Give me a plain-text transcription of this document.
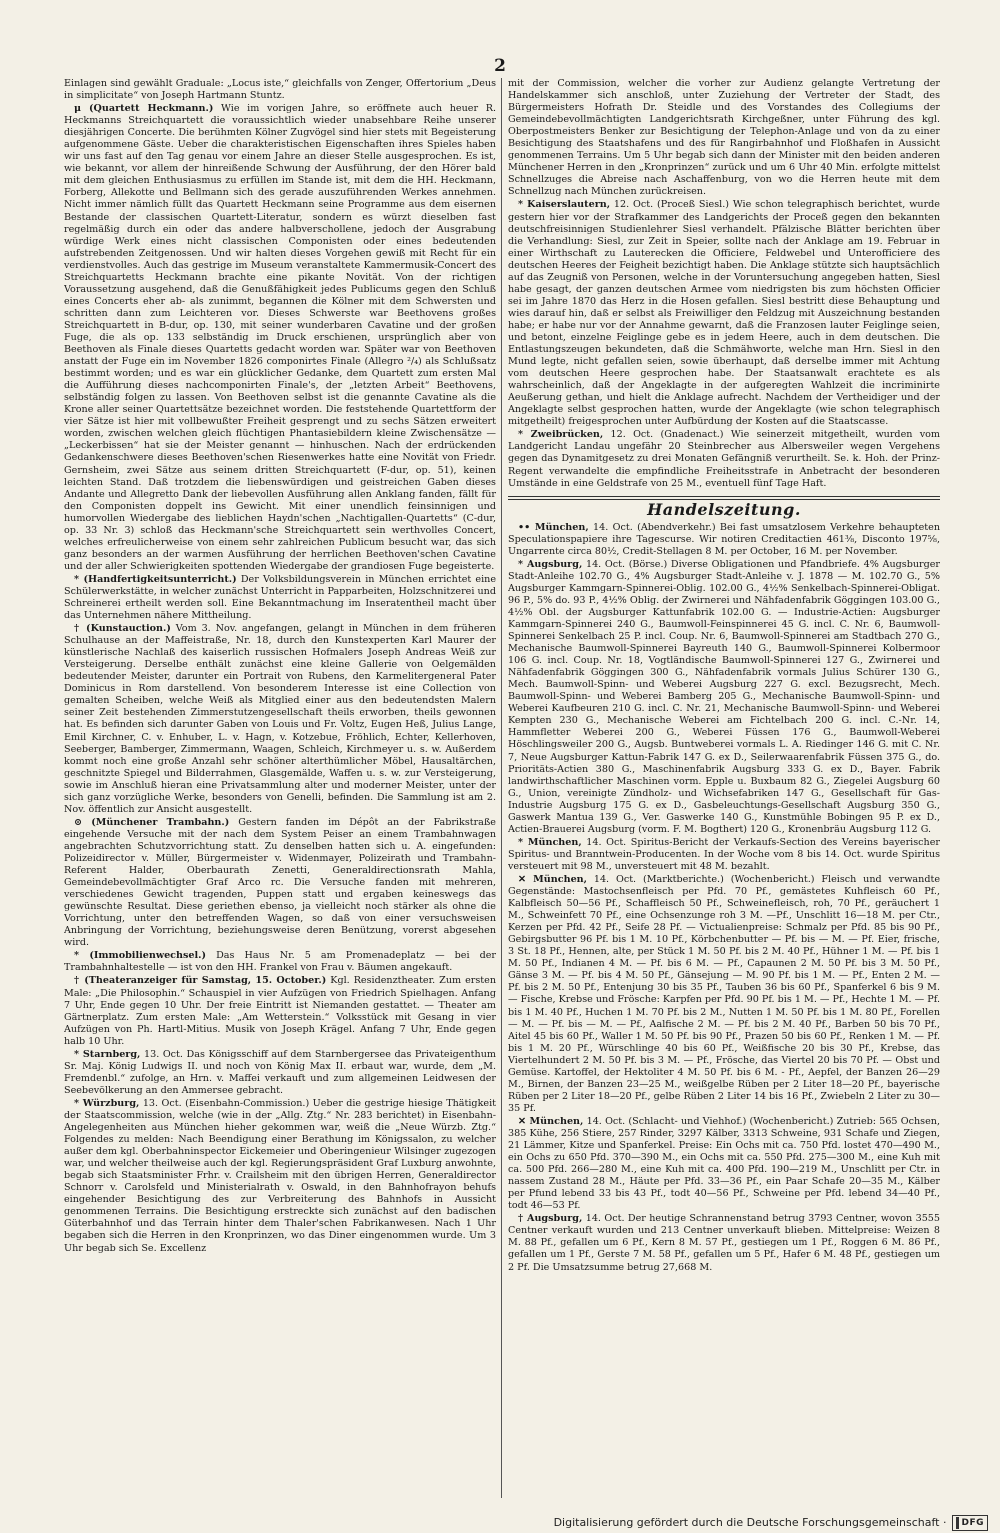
2

Einlagen sind gewählt Graduale: „Locus iste,“ gleichfalls von Zenger, Offertorium „Deus in simplicitate“ von Joseph Hartmann Stuntz.

μ (Quartett Heckmann.) Wie im vorigen Jahre, so eröffnete auch heuer R. Heckmanns Streichquartett die voraussichtlich wieder unabsehbare Reihe unserer diesjährigen Concerte. Die berühmten Kölner Zugvögel sind hier stets mit Begeisterung aufgenommene Gäste. Ueber die charakteristischen Eigenschaften ihres Spieles haben wir uns fast auf den Tag genau vor einem Jahre an dieser Stelle ausgesprochen. Es ist, wie bekannt, vor allem der hinreißende Schwung der Ausführung, der den Hörer bald mit dem gleichen Enthusiasmus zu erfüllen im Stande ist, mit dem die HH. Heckmann, Forberg, Allekotte und Bellmann sich des gerade auszuführenden Werkes annehmen. Nicht immer nämlich füllt das Quartett Heckmann seine Programme aus dem eisernen Bestande der classischen Quartett-Literatur, sondern es würzt dieselben fast regelmäßig durch ein oder das andere halbverschollene, jedoch der Ausgrabung würdige Werk eines nicht classischen Componisten oder eines bedeutenden aufstrebenden Zeitgenossen. Und wir halten dieses Vorgehen gewiß mit Recht für ein verdienstvolles. Auch das gestrige im Museum veranstaltete Kammermusik-Concert des Streichquartetts Heckmann brachte eine pikante Novität. Von der richtigen Voraussetzung ausgehend, daß die Genußfähigkeit jedes Publicums gegen den Schluß eines Concerts eher ab- als zunimmt, begannen die Kölner mit dem Schwersten und schritten dann zum Leichteren vor. Dieses Schwerste war Beethovens großes Streichquartett in B-dur, op. 130, mit seiner wunderbaren Cavatine und der großen Fuge, die als op. 133 selbständig im Druck erschienen, ursprünglich aber von Beethoven als Finale dieses Quartetts gedacht worden war. Später war von Beethoven anstatt der Fuge ein im November 1826 componirtes Finale (Allegro ²/₄) als Schlußsatz bestimmt worden; und es war ein glücklicher Gedanke, dem Quartett zum ersten Mal die Aufführung dieses nachcomponirten Finale's, der „letzten Arbeit“ Beethovens, selbständig folgen zu lassen. Von Beethoven selbst ist die genannte Cavatine als die Krone aller seiner Quartettsätze bezeichnet worden. Die feststehende Quartettform der vier Sätze ist hier mit vollbewußter Freiheit gesprengt und zu sechs Sätzen erweitert worden, zwischen welchen gleich flüchtigen Phantasiebildern kleine Zwischensätze — „Leckerbissen“ hat sie der Meister genannt — hinhuschen. Nach der erdrückenden Gedankenschwere dieses Beethoven'schen Riesenwerkes hatte eine Novität von Friedr. Gernsheim, zwei Sätze aus seinem dritten Streichquartett (F-dur, op. 51), keinen leichten Stand. Daß trotzdem die liebenswürdigen und geistreichen Gaben dieses Andante und Allegretto Dank der liebevollen Ausführung allen Anklang fanden, fällt für den Componisten doppelt ins Gewicht. Mit einer unendlich feinsinnigen und humorvollen Wiedergabe des lieblichen Haydn'schen „Nachtigallen-Quartetts“ (C-dur, op. 33 Nr. 3) schloß das Heckmann'sche Streichquartett sein werthvolles Concert, welches erfreulicherweise von einem sehr zahlreichen Publicum besucht war, das sich ganz besonders an der warmen Ausführung der herrlichen Beethoven'schen Cavatine und der aller Schwierigkeiten spottenden Wiedergabe der grandiosen Fuge begeisterte.

* (Handfertigkeitsunterricht.) Der Volksbildungsverein in München errichtet eine Schülerwerkstätte, in welcher zunächst Unterricht in Papparbeiten, Holzschnitzerei und Schreinerei ertheilt werden soll. Eine Bekanntmachung im Inseratentheil macht über das Unternehmen nähere Mittheilung.

† (Kunstauction.) Vom 3. Nov. angefangen, gelangt in München in dem früheren Schulhause an der Maffeistraße, Nr. 18, durch den Kunstexperten Karl Maurer der künstlerische Nachlaß des kaiserlich russischen Hofmalers Joseph Andreas Weiß zur Versteigerung. Derselbe enthält zunächst eine kleine Gallerie von Oelgemälden bedeutender Meister, darunter ein Portrait von Rubens, den Karmelitergeneral Pater Dominicus in Rom darstellend. Von besonderem Interesse ist eine Collection von gemalten Scheiben, welche Weiß als Mitglied einer aus den bedeutendsten Malern seiner Zeit bestehenden Zimmerstutzengesellschaft theils erworben, theils gewonnen hat. Es befinden sich darunter Gaben von Louis und Fr. Voltz, Eugen Heß, Julius Lange, Emil Kirchner, C. v. Enhuber, L. v. Hagn, v. Kotzebue, Fröhlich, Echter, Kellerhoven, Seeberger, Bamberger, Zimmermann, Waagen, Schleich, Kirchmeyer u. s. w. Außerdem kommt noch eine große Anzahl sehr schöner alterthümlicher Möbel, Hausaltärchen, geschnitzte Spiegel und Bilderrahmen, Glasgemälde, Waffen u. s. w. zur Versteigerung, sowie im Anschluß hieran eine Privatsammlung alter und moderner Meister, unter der sich ganz vorzügliche Werke, besonders von Genelli, befinden. Die Sammlung ist am 2. Nov. öffentlich zur Ansicht ausgestellt.

⊙ (Münchener Trambahn.) Gestern fanden im Dépôt an der Fabrikstraße eingehende Versuche mit der nach dem System Peiser an einem Trambahnwagen angebrachten Schutzvorrichtung statt. Zu denselben hatten sich u. A. eingefunden: Polizeidirector v. Müller, Bürgermeister v. Widenmayer, Polizeirath und Trambahn-Referent Halder, Oberbaurath Zenetti, Generaldirectionsrath Mahla, Gemeindebevollmächtigter Graf Arco rc. Die Versuche fanden mit mehreren, verschiedenes Gewicht tragenden, Puppen statt und ergaben keineswegs das gewünschte Resultat. Diese geriethen ebenso, ja vielleicht noch stärker als ohne die Vorrichtung, unter den betreffenden Wagen, so daß von einer versuchsweisen Anbringung der Vorrichtung, beziehungsweise deren Benützung, vorerst abgesehen wird.

* (Immobilienwechsel.) Das Haus Nr. 5 am Promenadeplatz — bei der Trambahnhaltestelle — ist von den HH. Frankel von Frau v. Bäumen angekauft.

† (Theateranzeiger für Samstag, 15. October.) Kgl. Residenztheater. Zum ersten Male: „Die Philosophin.“ Schauspiel in vier Aufzügen von Friedrich Spielhagen. Anfang 7 Uhr, Ende gegen 10 Uhr. Der freie Eintritt ist Niemanden gestattet. — Theater am Gärtnerplatz. Zum ersten Male: „Am Wetterstein.“ Volksstück mit Gesang in vier Aufzügen von Ph. Hartl-Mitius. Musik von Joseph Krägel. Anfang 7 Uhr, Ende gegen halb 10 Uhr.

* Starnberg, 13. Oct. Das Königsschiff auf dem Starnbergersee das Privateigenthum Sr. Maj. König Ludwigs II. und noch von König Max II. erbaut war, wurde, dem „M. Fremdenbl.“ zufolge, an Hrn. v. Maffei verkauft und zum allgemeinen Leidwesen der Seebevölkerung an den Ammersee gebracht.

* Würzburg, 13. Oct. (Eisenbahn-Commission.) Ueber die gestrige hiesige Thätigkeit der Staatscommission, welche (wie in der „Allg. Ztg.“ Nr. 283 berichtet) in Eisenbahn-Angelegenheiten aus München hieher gekommen war, weiß die „Neue Würzb. Ztg.“ Folgendes zu melden: Nach Beendigung einer Berathung im Königssalon, zu welcher außer dem kgl. Oberbahninspector Eickemeier und Oberingenieur Wilsinger zugezogen war, und welcher theilweise auch der kgl. Regierungspräsident Graf Luxburg anwohnte, begab sich Staatsminister Frhr. v. Crailsheim mit den übrigen Herren, Generaldirector Schnorr v. Carolsfeld und Ministerialrath v. Oswald, in den Bahnhofrayon behufs eingehender Besichtigung des zur Verbreiterung des Bahnhofs in Aussicht genommenen Terrains. Die Besichtigung erstreckte sich zunächst auf den badischen Güterbahnhof und das Terrain hinter dem Thaler'schen Fabrikanwesen. Nach 1 Uhr begaben sich die Herren in den Kronprinzen, wo das Diner eingenommen wurde. Um 3 Uhr begab sich Se. Excellenz

mit der Commission, welcher die vorher zur Audienz gelangte Vertretung der Handelskammer sich anschloß, unter Zuziehung der Vertreter der Stadt, des Bürgermeisters Hofrath Dr. Steidle und des Vorstandes des Collegiums der Gemeindebevollmächtigten Landgerichtsrath Kirchgeßner, unter Führung des kgl. Oberpostmeisters Benker zur Besichtigung der Telephon-Anlage und von da zu einer Besichtigung des Staatshafens und des für Rangirbahnhof und Floßhafen in Aussicht genommenen Terrains. Um 5 Uhr begab sich dann der Minister mit den beiden anderen Münchener Herren in den „Kronprinzen“ zurück und um 6 Uhr 40 Min. erfolgte mittelst Schnellzuges die Abreise nach Aschaffenburg, von wo die Herren heute mit dem Schnellzug nach München zurückreisen.

* Kaiserslautern, 12. Oct. (Proceß Siesl.) Wie schon telegraphisch berichtet, wurde gestern hier vor der Strafkammer des Landgerichts der Proceß gegen den bekannten deutschfreisinnigen Studienlehrer Siesl verhandelt. Pfälzische Blätter berichten über die Verhandlung: Siesl, zur Zeit in Speier, sollte nach der Anklage am 19. Februar in einer Wirthschaft zu Lauterecken die Officiere, Feldwebel und Unterofficiere des deutschen Heeres der Feigheit bezichtigt haben. Die Anklage stützte sich hauptsächlich auf das Zeugniß von Personen, welche in der Voruntersuchung angegeben hatten, Siesl habe gesagt, der ganzen deutschen Armee vom niedrigsten bis zum höchsten Officier sei im Jahre 1870 das Herz in die Hosen gefallen. Siesl bestritt diese Behauptung und wies darauf hin, daß er selbst als Freiwilliger den Feldzug mit Auszeichnung bestanden habe; er habe nur vor der Annahme gewarnt, daß die Franzosen lauter Feiglinge seien, und betont, einzelne Feiglinge gebe es in jedem Heere, auch in dem deutschen. Die Entlastungszeugen bekundeten, daß die Schmähworte, welche man Hrn. Siesl in den Mund legte, nicht gefallen seien, sowie überhaupt, daß derselbe immer mit Achtung vom deutschen Heere gesprochen habe. Der Staatsanwalt erachtete es als wahrscheinlich, daß der Angeklagte in der aufgeregten Wahlzeit die incriminirte Aeußerung gethan, und hielt die Anklage aufrecht. Nachdem der Vertheidiger und der Angeklagte selbst gesprochen hatten, wurde der Angeklagte (wie schon telegraphisch mitgetheilt) freigesprochen unter Aufbürdung der Kosten auf die Staatscasse.

* Zweibrücken, 12. Oct. (Gnadenact.) Wie seinerzeit mitgetheilt, wurden vom Landgericht Landau ungefähr 20 Steinbrecher aus Albersweiler wegen Vergehens gegen das Dynamitgesetz zu drei Monaten Gefängniß verurtheilt. Se. k. Hoh. der Prinz-Regent verwandelte die empfindliche Freiheitsstrafe in Anbetracht der besonderen Umstände in eine Geldstrafe von 25 M., eventuell fünf Tage Haft.

Handelszeitung.

•• München, 14. Oct. (Abendverkehr.) Bei fast umsatzlosem Verkehre behaupteten Speculationspapiere ihre Tagescurse. Wir notiren Creditactien 461⅜, Disconto 197⅝, Ungarrente circa 80½, Credit-Stellagen 8 M. per October, 16 M. per November.

* Augsburg, 14. Oct. (Börse.) Diverse Obligationen und Pfandbriefe. 4% Augsburger Stadt-Anleihe 102.70 G., 4% Augsburger Stadt-Anleihe v. J. 1878 — M. 102.70 G., 5% Augsburger Kammgarn-Spinnerei-Oblig. 102.00 G., 4½% Senkelbach-Spinnerei-Obligat. 96 P., 5% do. 93 P., 4½% Oblig. der Zwirnerei und Nähfadenfabrik Göggingen 103.00 G., 4½% Obl. der Augsburger Kattunfabrik 102.00 G. — Industrie-Actien: Augsburger Kammgarn-Spinnerei 240 G., Baumwoll-Feinspinnerei 45 G. incl. C. Nr. 6, Baumwoll-Spinnerei Senkelbach 25 P. incl. Coup. Nr. 6, Baumwoll-Spinnerei am Stadtbach 270 G., Mechanische Baumwoll-Spinnerei Bayreuth 140 G., Baumwoll-Spinnerei Kolbermoor 106 G. incl. Coup. Nr. 18, Vogtländische Baumwoll-Spinnerei 127 G., Zwirnerei und Nähfadenfabrik Göggingen 300 G., Nähfadenfabrik vormals Julius Schürer 130 G., Mech. Baumwoll-Spinn- und Weberei Augsburg 227 G. excl. Bezugsrecht, Mech. Baumwoll-Spinn- und Weberei Bamberg 205 G., Mechanische Baumwoll-Spinn- und Weberei Kaufbeuren 210 G. incl. C. Nr. 21, Mechanische Baumwoll-Spinn- und Weberei Kempten 230 G., Mechanische Weberei am Fichtelbach 200 G. incl. C.-Nr. 14, Hammfletter Weberei 200 G., Weberei Füssen 176 G., Baumwoll-Weberei Höschlingsweiler 200 G., Augsb. Buntweberei vormals L. A. Riedinger 146 G. mit C. Nr. 7, Neue Augsburger Kattun-Fabrik 147 G. ex D., Seilerwaarenfabrik Füssen 375 G., do. Prioritäts-Actien 380 G., Maschinenfabrik Augsburg 333 G. ex D., Bayer. Fabrik landwirthschaftlicher Maschinen vorm. Epple u. Buxbaum 82 G., Ziegelei Augsburg 60 G., Union, vereinigte Zündholz- und Wichsefabriken 147 G., Gesellschaft für Gas-Industrie Augsburg 175 G. ex D., Gasbeleuchtungs-Gesellschaft Augsburg 350 G., Gaswerk Mantua 139 G., Ver. Gaswerke 140 G., Kunstmühle Bobingen 95 P. ex D., Actien-Brauerei Augsburg (vorm. F. M. Bogthert) 120 G., Kronenbräu Augsburg 112 G.

* München, 14. Oct. Spiritus-Bericht der Verkaufs-Section des Vereins bayerischer Spiritus- und Branntwein-Producenten. In der Woche vom 8 bis 14. Oct. wurde Spiritus versteuert mit 98 M., unversteuert mit 48 M. bezahlt.

✕ München, 14. Oct. (Marktberichte.) (Wochenbericht.) Fleisch und verwandte Gegenstände: Mastochsenfleisch per Pfd. 70 Pf., gemästetes Kuhfleisch 60 Pf., Kalbfleisch 50—56 Pf., Schaffleisch 50 Pf., Schweinefleisch, roh, 70 Pf., geräuchert 1 M., Schweinfett 70 Pf., eine Ochsenzunge roh 3 M. —Pf., Unschlitt 16—18 M. per Ctr., Kerzen per Pfd. 42 Pf., Seife 28 Pf. — Victualienpreise: Schmalz per Pfd. 85 bis 90 Pf., Gebirgsbutter 96 Pf. bis 1 M. 10 Pf., Körbchenbutter — Pf. bis — M. — Pf. Eier, frische, 3 St. 18 Pf., Hennen, alte, per Stück 1 M. 50 Pf. bis 2 M. 40 Pf., Hühner 1 M. — Pf. bis 1 M. 50 Pf., Indianen 4 M. — Pf. bis 6 M. — Pf., Capaunen 2 M. 50 Pf. bis 3 M. 50 Pf., Gänse 3 M. — Pf. bis 4 M. 50 Pf., Gänsejung — M. 90 Pf. bis 1 M. — Pf., Enten 2 M. — Pf. bis 2 M. 50 Pf., Entenjung 30 bis 35 Pf., Tauben 36 bis 60 Pf., Spanferkel 6 bis 9 M. — Fische, Krebse und Frösche: Karpfen per Pfd. 90 Pf. bis 1 M. — Pf., Hechte 1 M. — Pf. bis 1 M. 40 Pf., Huchen 1 M. 70 Pf. bis 2 M., Nutten 1 M. 50 Pf. bis 1 M. 80 Pf., Forellen — M. — Pf. bis — M. — Pf., Aalfische 2 M. — Pf. bis 2 M. 40 Pf., Barben 50 bis 70 Pf., Aitel 45 bis 60 Pf., Waller 1 M. 50 Pf. bis 90 Pf., Prazen 50 bis 60 Pf., Renken 1 M. — Pf. bis 1 M. 20 Pf., Würschlinge 40 bis 60 Pf., Weißfische 20 bis 30 Pf., Krebse, das Viertelhundert 2 M. 50 Pf. bis 3 M. — Pf., Frösche, das Viertel 20 bis 70 Pf. — Obst und Gemüse. Kartoffel, der Hektoliter 4 M. 50 Pf. bis 6 M. - Pf., Aepfel, der Banzen 26—29 M., Birnen, der Banzen 23—25 M., weißgelbe Rüben per 2 Liter 18—20 Pf., bayerische Rüben per 2 Liter 18—20 Pf., gelbe Rüben 2 Liter 14 bis 16 Pf., Zwiebeln 2 Liter zu 30—35 Pf.

✕ München, 14. Oct. (Schlacht- und Viehhof.) (Wochenbericht.) Zutrieb: 565 Ochsen, 385 Kühe, 256 Stiere, 257 Rinder, 3297 Kälber, 3313 Schweine, 931 Schafe und Ziegen, 21 Lämmer, Kitze und Spanferkel. Preise: Ein Ochs mit ca. 750 Pfd. lostet 470—490 M., ein Ochs zu 650 Pfd. 370—390 M., ein Ochs mit ca. 550 Pfd. 275—300 M., eine Kuh mit ca. 500 Pfd. 266—280 M., eine Kuh mit ca. 400 Pfd. 190—219 M., Unschlitt per Ctr. in nassem Zustand 28 M., Häute per Pfd. 33—36 Pf., ein Paar Schafe 20—35 M., Kälber per Pfund lebend 33 bis 43 Pf., todt 40—56 Pf., Schweine per Pfd. lebend 34—40 Pf., todt 46—53 Pf.

† Augsburg, 14. Oct. Der heutige Schrannenstand betrug 3793 Centner, wovon 3555 Centner verkauft wurden und 213 Centner unverkauft blieben. Mittelpreise: Weizen 8 M. 88 Pf., gefallen um 6 Pf., Kern 8 M. 57 Pf., gestiegen um 1 Pf., Roggen 6 M. 86 Pf., gefallen um 1 Pf., Gerste 7 M. 58 Pf., gefallen um 5 Pf., Hafer 6 M. 48 Pf., gestiegen um 2 Pf. Die Umsatzsumme betrug 27,668 M.

Digitalisierung gefördert durch die Deutsche Forschungsgemeinschaft · DFG
